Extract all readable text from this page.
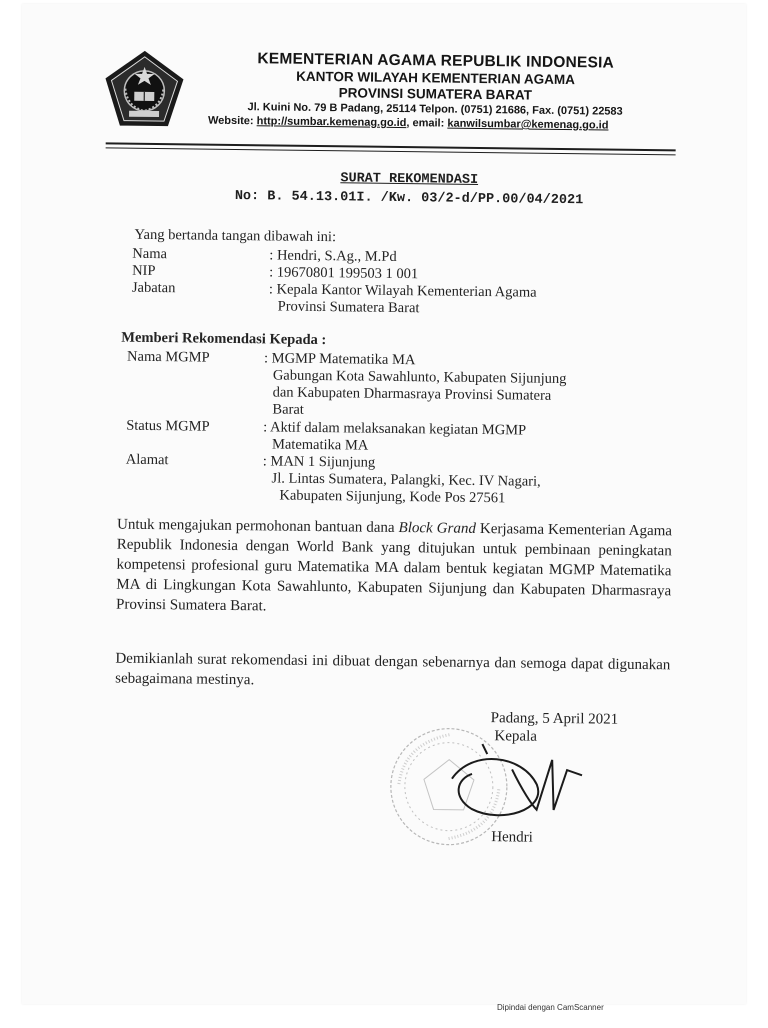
KEMENTERIAN AGAMA REPUBLIK INDONESIA
KANTOR WILAYAH KEMENTERIAN AGAMA
PROVINSI SUMATERA BARAT
Jl. Kuini No. 79 B Padang, 25114 Telpon. (0751) 21686, Fax. (0751) 22583
Website: http://sumbar.kemenag.go.id, email: kanwilsumbar@kemenag.go.id
SURAT REKOMENDASI
No: B. 54.13.01I. /Kw. 03/2-d/PP.00/04/2021
Yang bertanda tangan dibawah ini:
Nama	: Hendri, S.Ag., M.Pd
NIP	: 19670801 199503 1 001
Jabatan	: Kepala Kantor Wilayah Kementerian Agama
Provinsi Sumatera Barat
Memberi Rekomendasi Kepada :
Nama MGMP	: MGMP Matematika MA
Gabungan Kota Sawahlunto, Kabupaten Sijunjung
dan Kabupaten Dharmasraya Provinsi Sumatera
Barat
Status MGMP	: Aktif dalam melaksanakan kegiatan MGMP
Matematika MA
Alamat	: MAN 1 Sijunjung
Jl. Lintas Sumatera, Palangki, Kec. IV Nagari,
Kabupaten Sijunjung, Kode Pos 27561
Untuk mengajukan permohonan bantuan dana Block Grand Kerjasama Kementerian Agama Republik Indonesia dengan World Bank yang ditujukan untuk pembinaan peningkatan kompetensi profesional guru Matematika MA dalam bentuk kegiatan MGMP Matematika MA di Lingkungan Kota Sawahlunto, Kabupaten Sijunjung dan Kabupaten Dharmasraya Provinsi Sumatera Barat.
Demikianlah surat rekomendasi ini dibuat dengan sebenarnya dan semoga dapat digunakan sebagaimana mestinya.
Padang, 5 April 2021
Kepala
Hendri
Dipindai dengan CamScanner
